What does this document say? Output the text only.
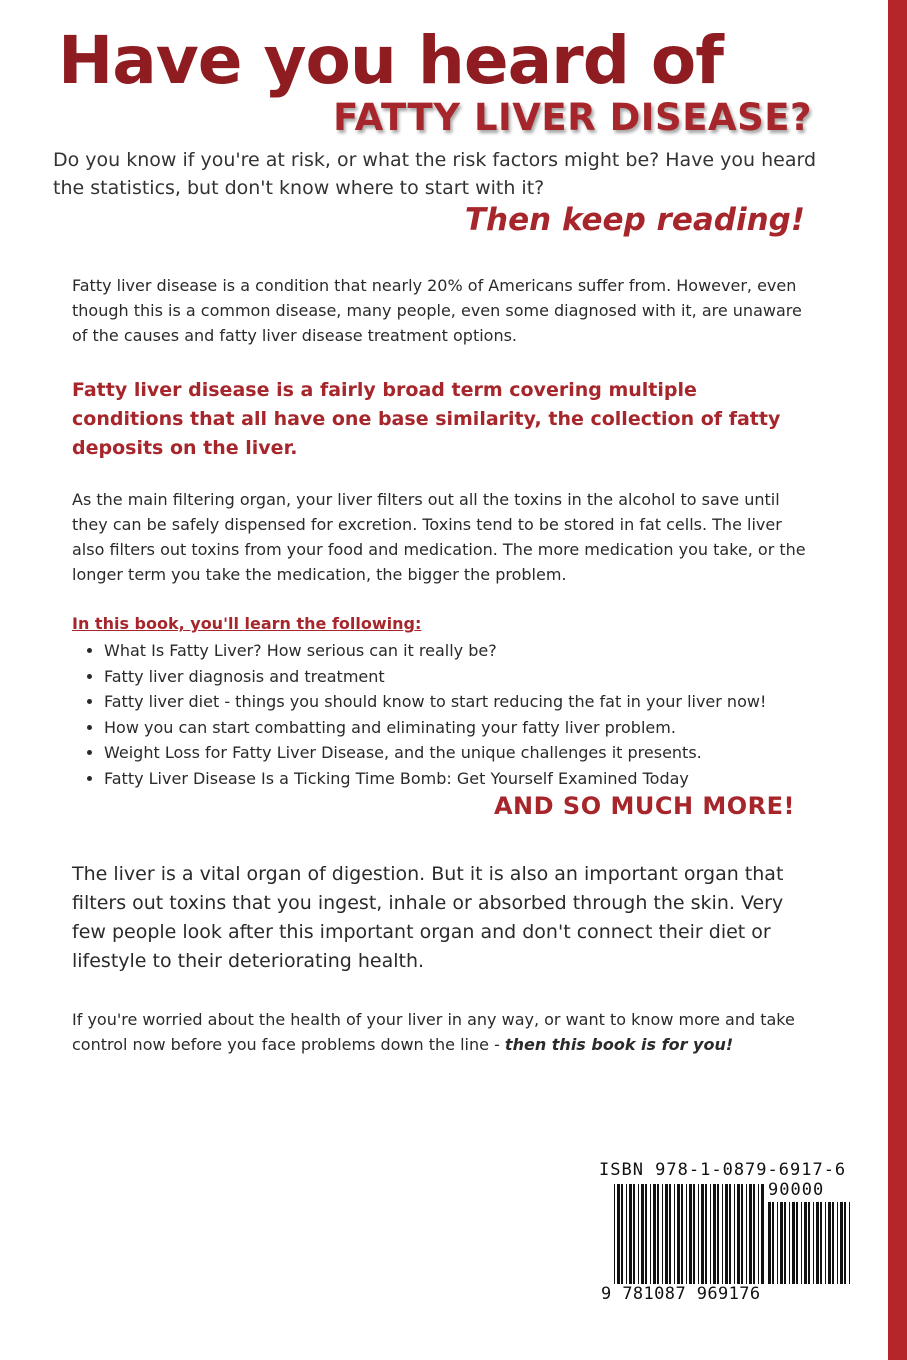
Have you heard of
FATTY LIVER DISEASE?

Do you know if you're at risk, or what the risk factors might be? Have you heard the statistics, but don't know where to start with it?

Then keep reading!

Fatty liver disease is a condition that nearly 20% of Americans suffer from. However, even though this is a common disease, many people, even some diagnosed with it, are unaware of the causes and fatty liver disease treatment options.

Fatty liver disease is a fairly broad term covering multiple conditions that all have one base similarity, the collection of fatty deposits on the liver.

As the main filtering organ, your liver filters out all the toxins in the alcohol to save until they can be safely dispensed for excretion. Toxins tend to be stored in fat cells. The liver also filters out toxins from your food and medication. The more medication you take, or the longer term you take the medication, the bigger the problem.

In this book, you'll learn the following:

• What Is Fatty Liver? How serious can it really be?
• Fatty liver diagnosis and treatment
• Fatty liver diet - things you should know to start reducing the fat in your liver now!
• How you can start combatting and eliminating your fatty liver problem.
• Weight Loss for Fatty Liver Disease, and the unique challenges it presents.
• Fatty Liver Disease Is a Ticking Time Bomb: Get Yourself Examined Today

AND SO MUCH MORE!

The liver is a vital organ of digestion. But it is also an important organ that filters out toxins that you ingest, inhale or absorbed through the skin. Very few people look after this important organ and don't connect their diet or lifestyle to their deteriorating health.

If you're worried about the health of your liver in any way, or want to know more and take control now before you face problems down the line - then this book is for you!

ISBN 978-1-0879-6917-6

90000

9 781087 969176
